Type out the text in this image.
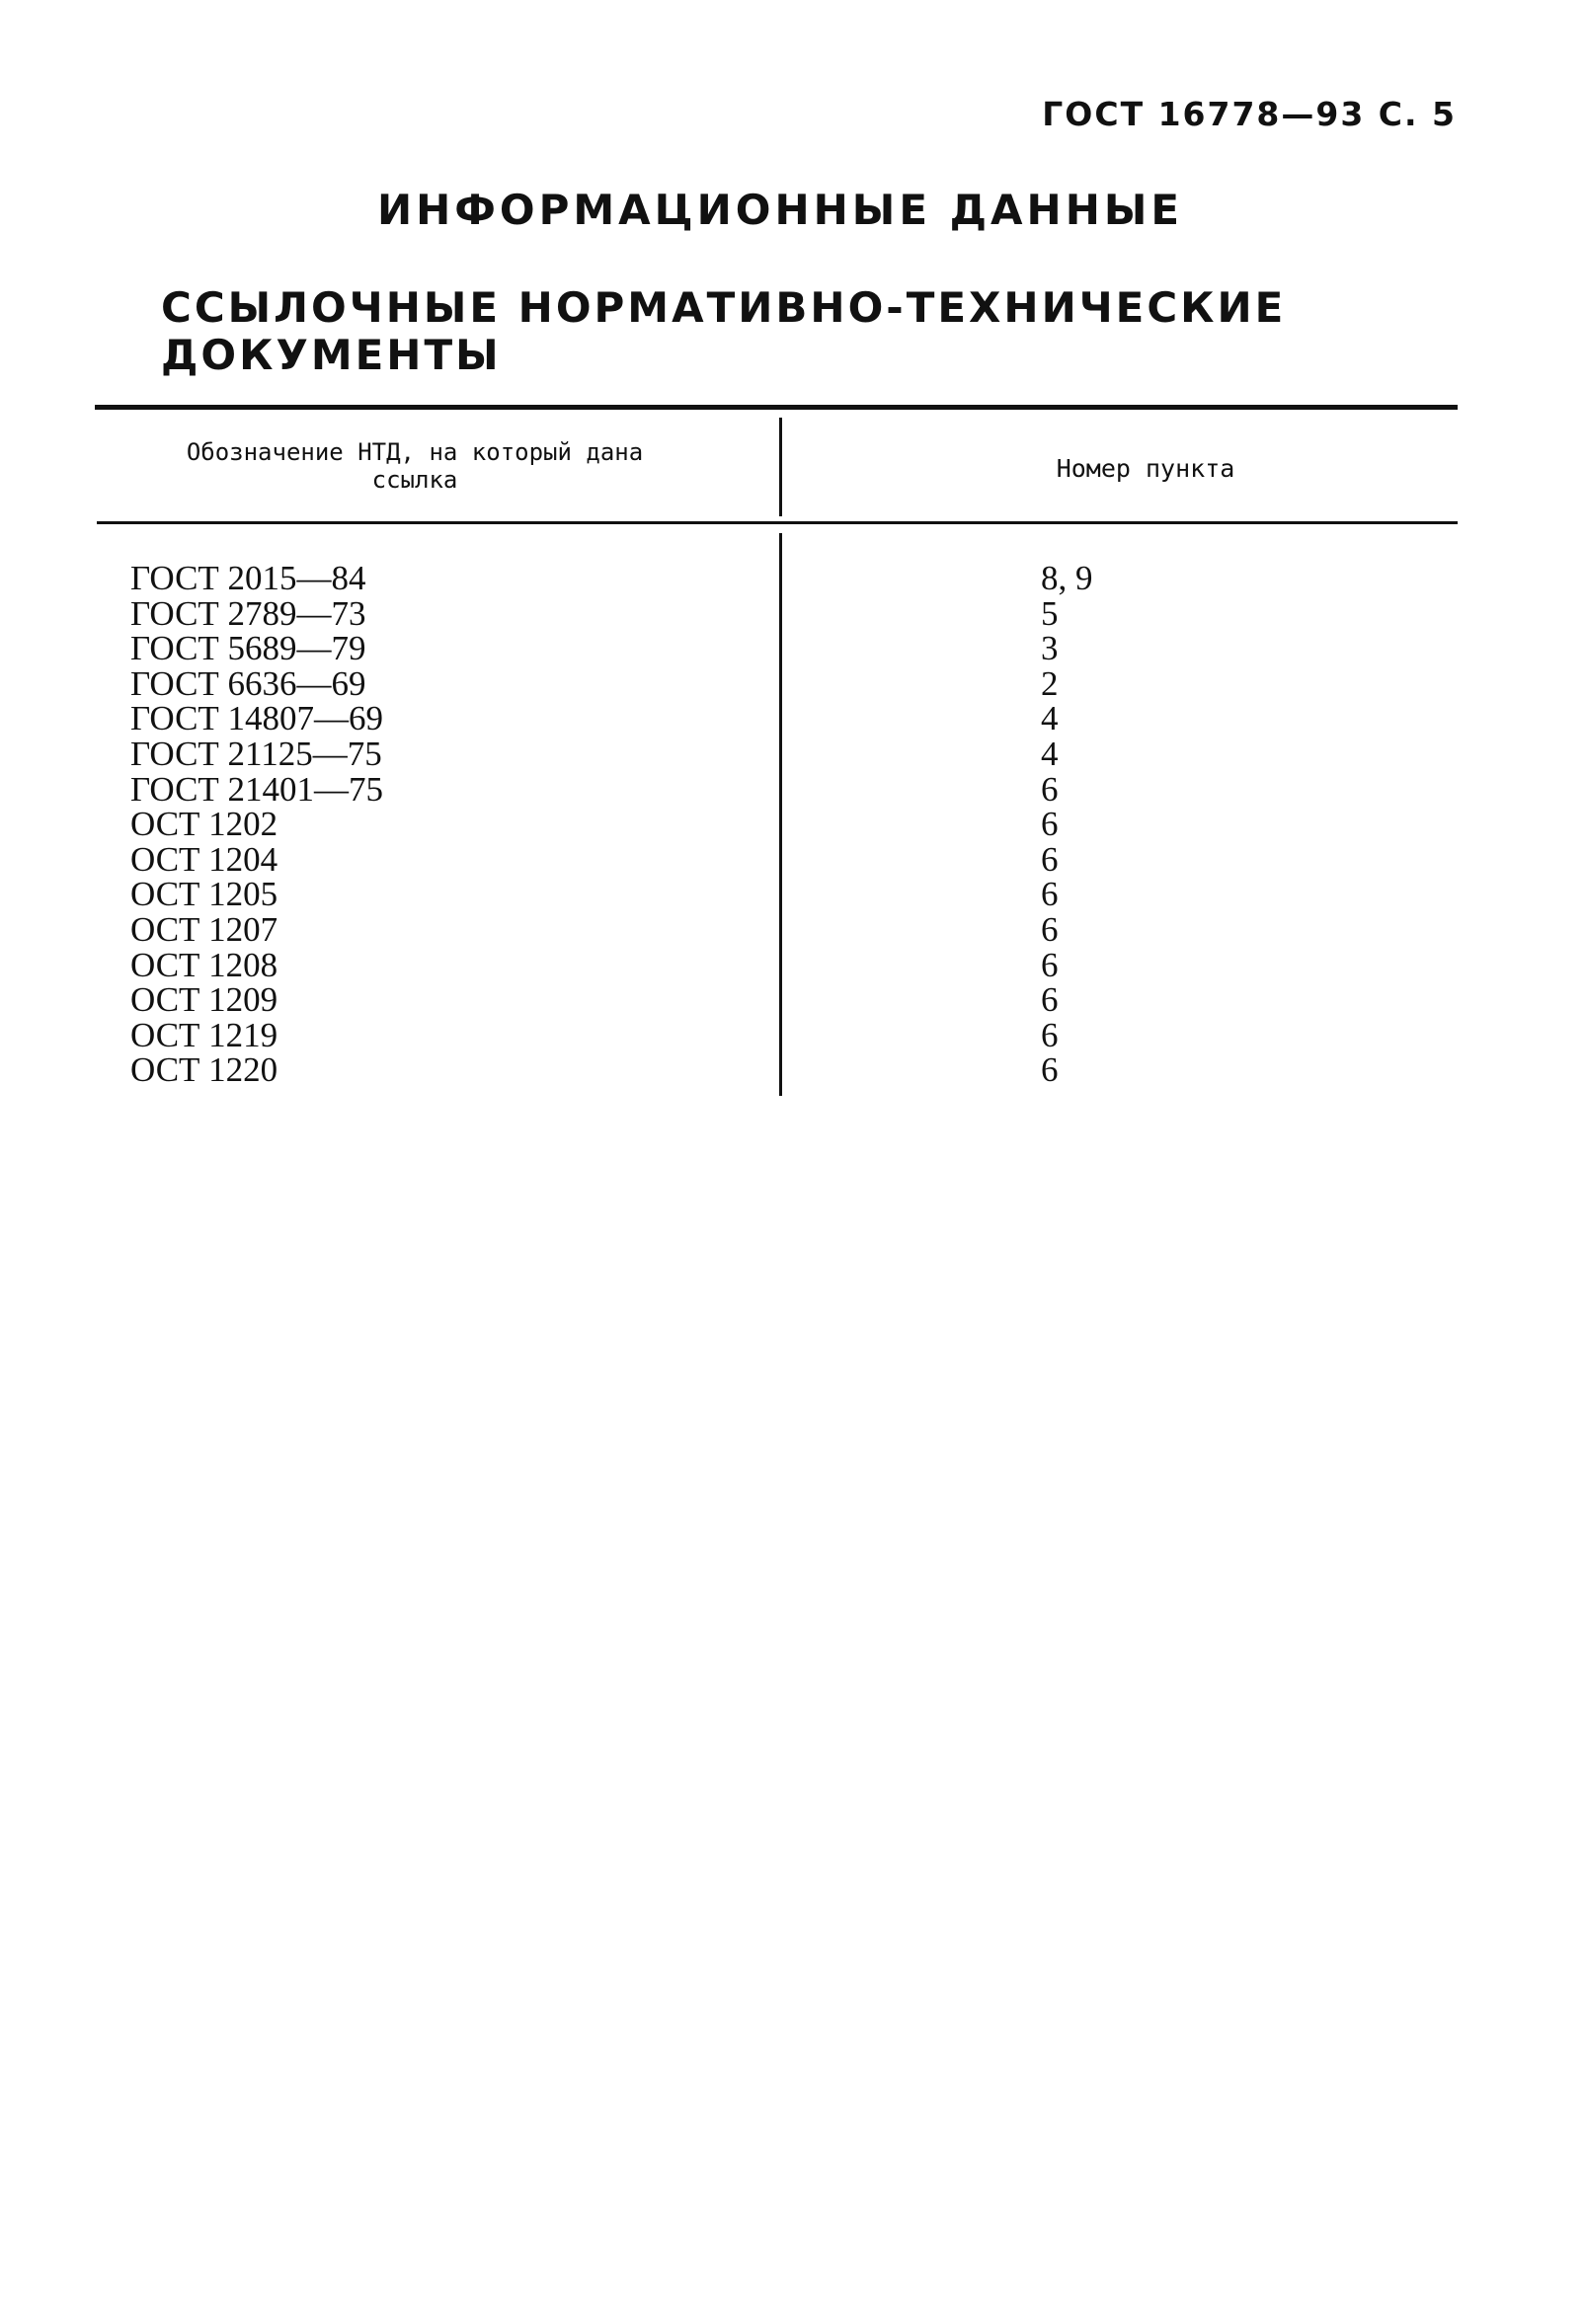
ГОСТ 16778—93 С. 5
ИНФОРМАЦИОННЫЕ ДАННЫЕ
ССЫЛОЧНЫЕ НОРМАТИВНО-ТЕХНИЧЕСКИЕ ДОКУМЕНТЫ
Обозначение НТД, на который дана ссылка	Номер пункта
ГОСТ 2015—84	8, 9
ГОСТ 2789—73	5
ГОСТ 5689—79	3
ГОСТ 6636—69	2
ГОСТ 14807—69	4
ГОСТ 21125—75	4
ГОСТ 21401—75	6
ОСТ 1202	6
ОСТ 1204	6
ОСТ 1205	6
ОСТ 1207	6
ОСТ 1208	6
ОСТ 1209	6
ОСТ 1219	6
ОСТ 1220	6
